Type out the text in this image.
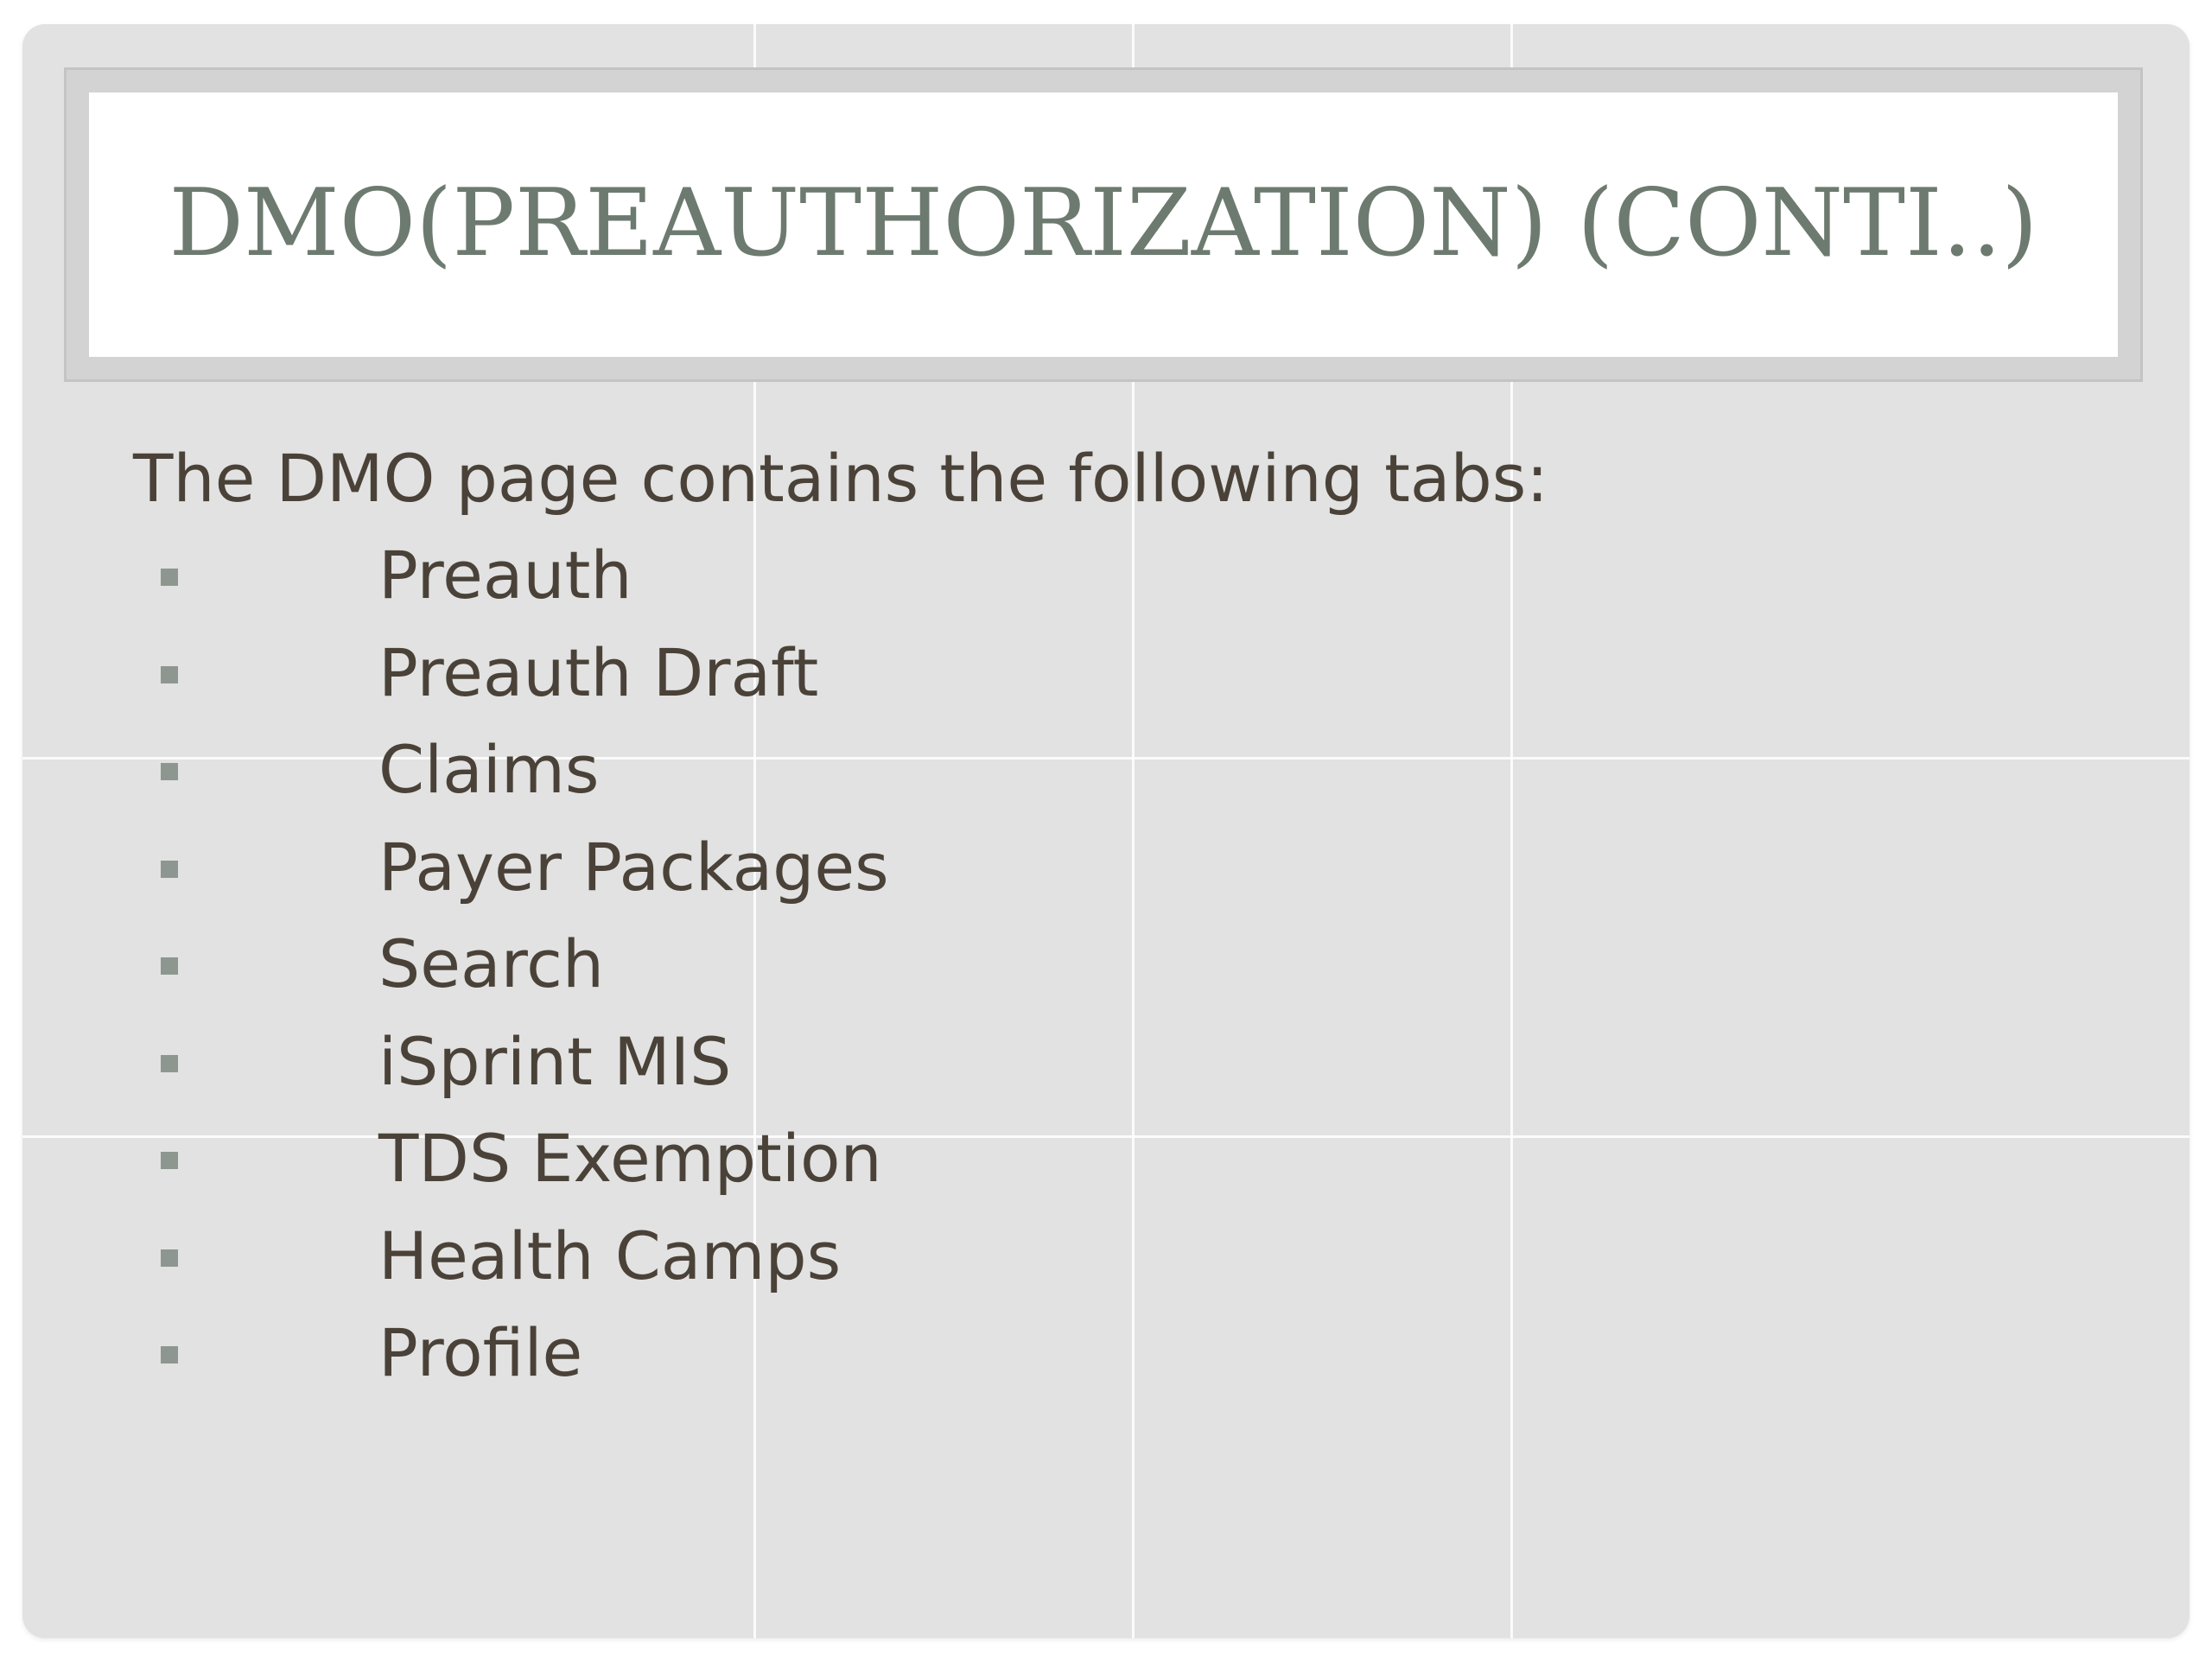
DMO(PREAUTHORIZATION) (CONTI..)
The DMO page contains the following tabs:
Preauth
Preauth Draft
Claims
Payer Packages
Search
iSprint MIS
TDS Exemption
Health Camps
Profile
